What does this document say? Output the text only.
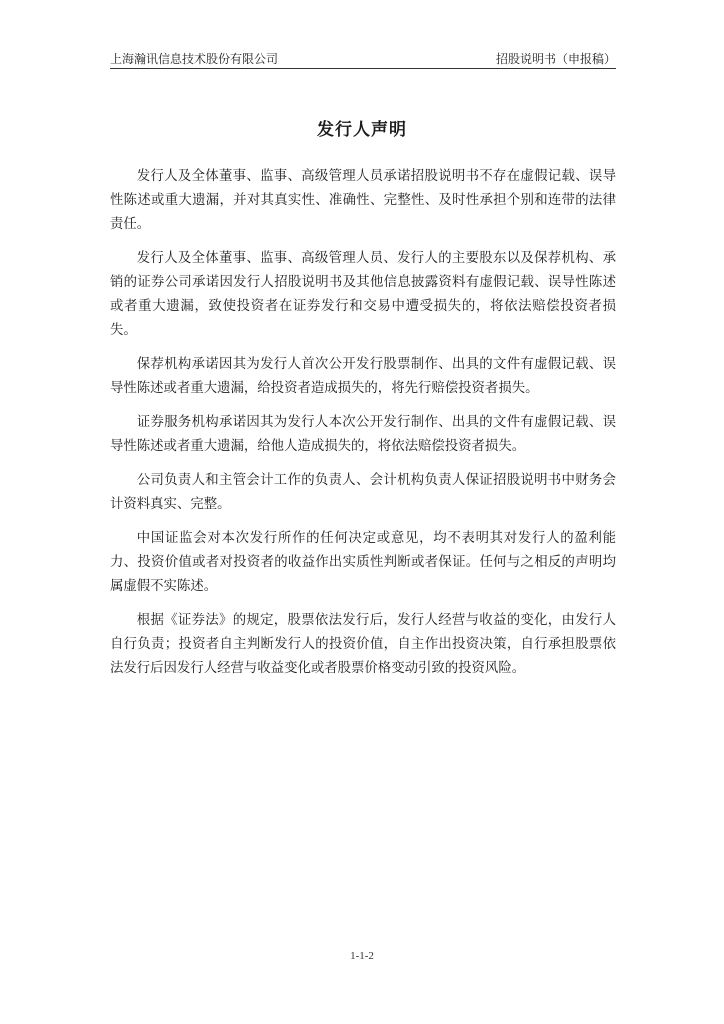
上海瀚讯信息技术股份有限公司	招股说明书（申报稿）
发行人声明

发行人及全体董事、监事、高级管理人员承诺招股说明书不存在虚假记载、误导性陈述或重大遗漏，并对其真实性、准确性、完整性、及时性承担个别和连带的法律责任。

发行人及全体董事、监事、高级管理人员、发行人的主要股东以及保荐机构、承销的证券公司承诺因发行人招股说明书及其他信息披露资料有虚假记载、误导性陈述或者重大遗漏，致使投资者在证券发行和交易中遭受损失的，将依法赔偿投资者损失。

保荐机构承诺因其为发行人首次公开发行股票制作、出具的文件有虚假记载、误导性陈述或者重大遗漏，给投资者造成损失的，将先行赔偿投资者损失。

证券服务机构承诺因其为发行人本次公开发行制作、出具的文件有虚假记载、误导性陈述或者重大遗漏，给他人造成损失的，将依法赔偿投资者损失。

公司负责人和主管会计工作的负责人、会计机构负责人保证招股说明书中财务会计资料真实、完整。

中国证监会对本次发行所作的任何决定或意见，均不表明其对发行人的盈利能力、投资价值或者对投资者的收益作出实质性判断或者保证。任何与之相反的声明均属虚假不实陈述。

根据《证券法》的规定，股票依法发行后，发行人经营与收益的变化，由发行人自行负责；投资者自主判断发行人的投资价值，自主作出投资决策，自行承担股票依法发行后因发行人经营与收益变化或者股票价格变动引致的投资风险。

1-1-2
